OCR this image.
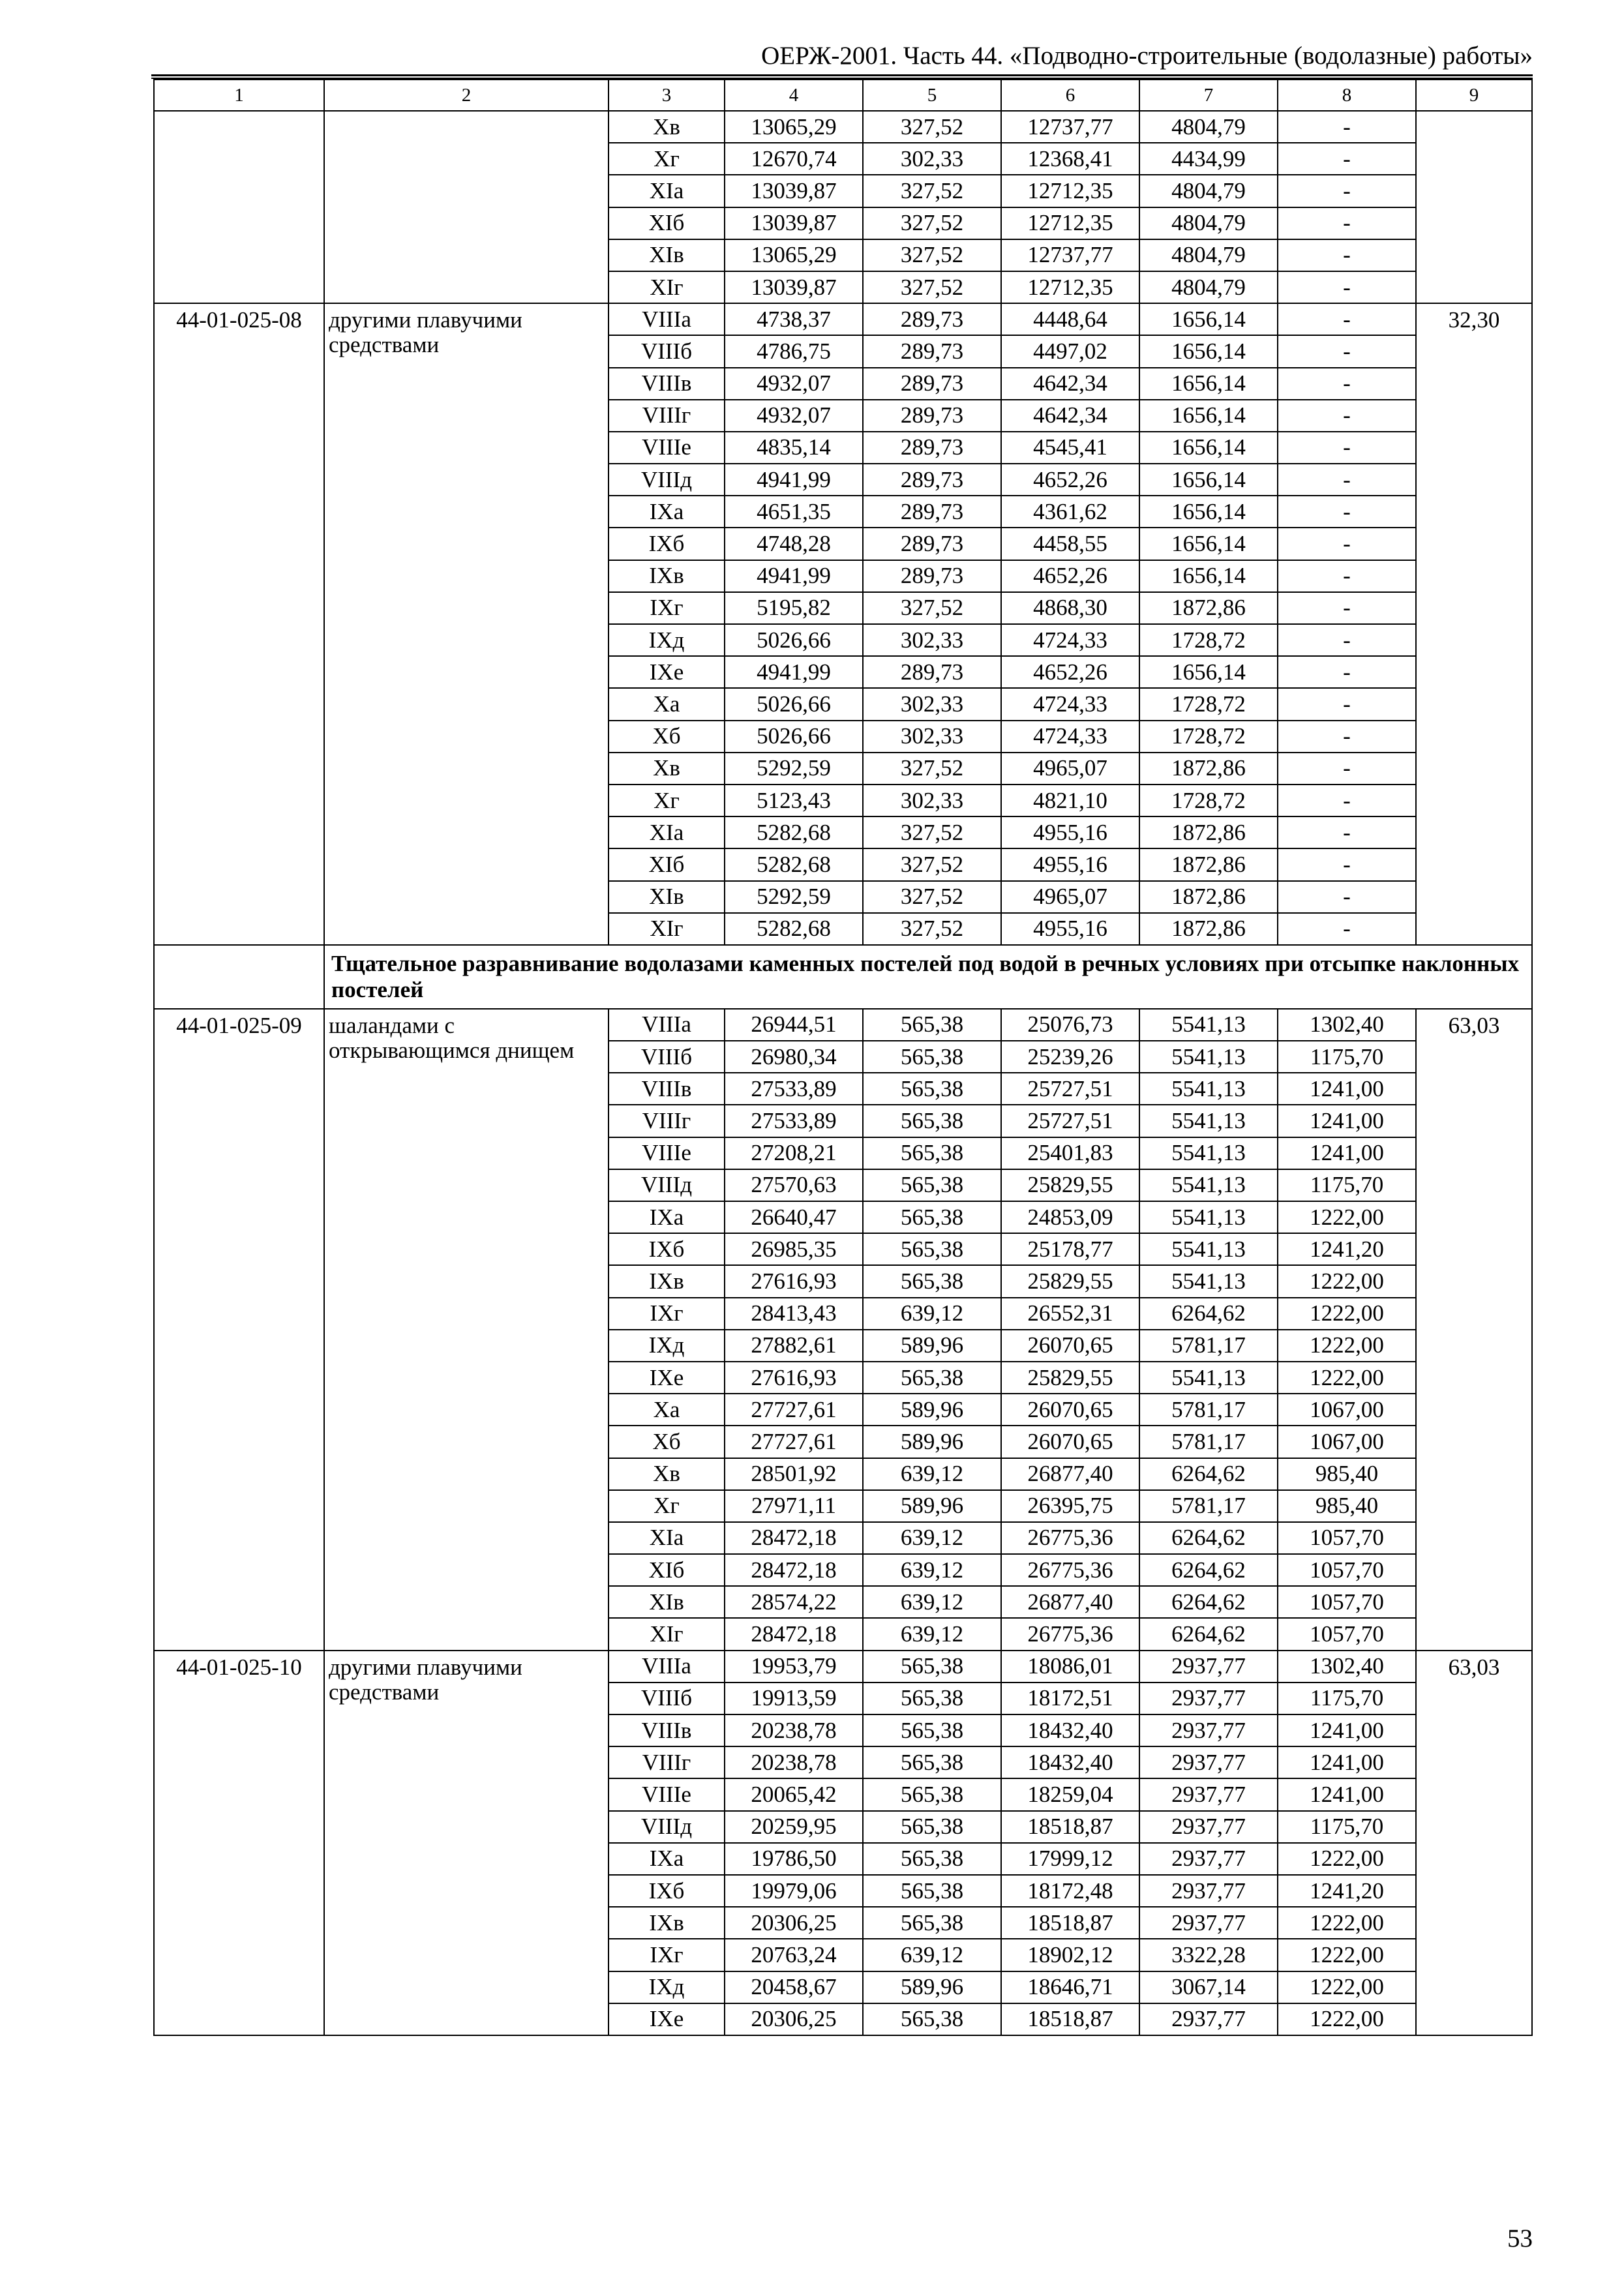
ОЕРЖ-2001. Часть 44. «Подводно-строительные (водолазные) работы»
1	2	3	4	5	6	7	8	9
		Хв	13065,29	327,52	12737,77	4804,79	-	
		Хг	12670,74	302,33	12368,41	4434,99	-	
		ХIа	13039,87	327,52	12712,35	4804,79	-	
		ХIб	13039,87	327,52	12712,35	4804,79	-	
		ХIв	13065,29	327,52	12737,77	4804,79	-	
		ХIг	13039,87	327,52	12712,35	4804,79	-	
44-01-025-08	другими плавучими средствами	VIIIа	4738,37	289,73	4448,64	1656,14	-	32,30
		VIIIб	4786,75	289,73	4497,02	1656,14	-	
		VIIIв	4932,07	289,73	4642,34	1656,14	-	
		VIIIг	4932,07	289,73	4642,34	1656,14	-	
		VIIIе	4835,14	289,73	4545,41	1656,14	-	
		VIIIд	4941,99	289,73	4652,26	1656,14	-	
		IХа	4651,35	289,73	4361,62	1656,14	-	
		IХб	4748,28	289,73	4458,55	1656,14	-	
		IХв	4941,99	289,73	4652,26	1656,14	-	
		IХг	5195,82	327,52	4868,30	1872,86	-	
		IХд	5026,66	302,33	4724,33	1728,72	-	
		IХе	4941,99	289,73	4652,26	1656,14	-	
		Ха	5026,66	302,33	4724,33	1728,72	-	
		Хб	5026,66	302,33	4724,33	1728,72	-	
		Хв	5292,59	327,52	4965,07	1872,86	-	
		Хг	5123,43	302,33	4821,10	1728,72	-	
		ХIа	5282,68	327,52	4955,16	1872,86	-	
		ХIб	5282,68	327,52	4955,16	1872,86	-	
		ХIв	5292,59	327,52	4965,07	1872,86	-	
		ХIг	5282,68	327,52	4955,16	1872,86	-	
	Тщательное разравнивание водолазами каменных постелей под водой в речных условиях при отсыпке наклонных постелей							
44-01-025-09	шаландами с открывающимся днищем	VIIIа	26944,51	565,38	25076,73	5541,13	1302,40	63,03
		VIIIб	26980,34	565,38	25239,26	5541,13	1175,70	
		VIIIв	27533,89	565,38	25727,51	5541,13	1241,00	
		VIIIг	27533,89	565,38	25727,51	5541,13	1241,00	
		VIIIе	27208,21	565,38	25401,83	5541,13	1241,00	
		VIIIд	27570,63	565,38	25829,55	5541,13	1175,70	
		IХа	26640,47	565,38	24853,09	5541,13	1222,00	
		IХб	26985,35	565,38	25178,77	5541,13	1241,20	
		IХв	27616,93	565,38	25829,55	5541,13	1222,00	
		IХг	28413,43	639,12	26552,31	6264,62	1222,00	
		IХд	27882,61	589,96	26070,65	5781,17	1222,00	
		IХе	27616,93	565,38	25829,55	5541,13	1222,00	
		Ха	27727,61	589,96	26070,65	5781,17	1067,00	
		Хб	27727,61	589,96	26070,65	5781,17	1067,00	
		Хв	28501,92	639,12	26877,40	6264,62	985,40	
		Хг	27971,11	589,96	26395,75	5781,17	985,40	
		ХIа	28472,18	639,12	26775,36	6264,62	1057,70	
		ХIб	28472,18	639,12	26775,36	6264,62	1057,70	
		ХIв	28574,22	639,12	26877,40	6264,62	1057,70	
		ХIг	28472,18	639,12	26775,36	6264,62	1057,70	
44-01-025-10	другими плавучими средствами	VIIIа	19953,79	565,38	18086,01	2937,77	1302,40	63,03
		VIIIб	19913,59	565,38	18172,51	2937,77	1175,70	
		VIIIв	20238,78	565,38	18432,40	2937,77	1241,00	
		VIIIг	20238,78	565,38	18432,40	2937,77	1241,00	
		VIIIе	20065,42	565,38	18259,04	2937,77	1241,00	
		VIIIд	20259,95	565,38	18518,87	2937,77	1175,70	
		IХа	19786,50	565,38	17999,12	2937,77	1222,00	
		IХб	19979,06	565,38	18172,48	2937,77	1241,20	
		IХв	20306,25	565,38	18518,87	2937,77	1222,00	
		IХг	20763,24	639,12	18902,12	3322,28	1222,00	
		IХд	20458,67	589,96	18646,71	3067,14	1222,00	
		IХе	20306,25	565,38	18518,87	2937,77	1222,00	
53
